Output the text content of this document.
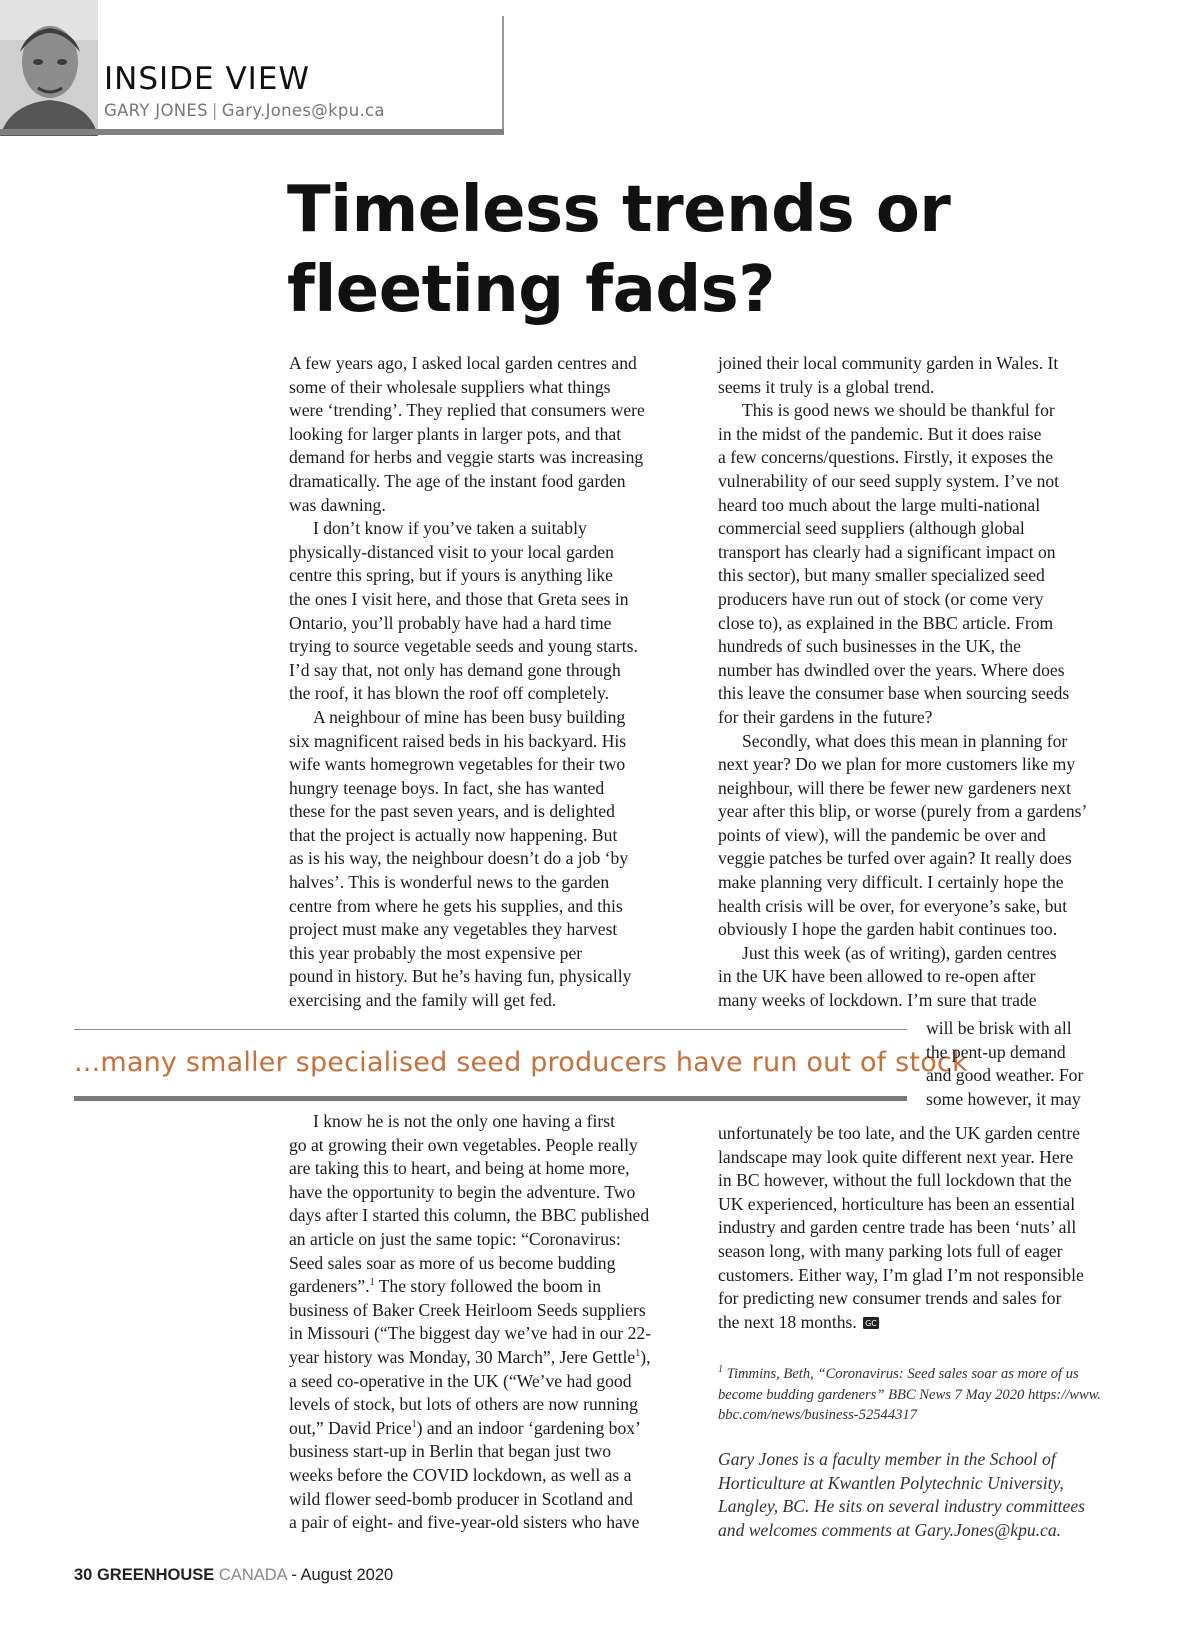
INSIDE VIEW
GARY JONES | Gary.Jones@kpu.ca
Timeless trends or
fleeting fads?
A few years ago, I asked local garden centres and
some of their wholesale suppliers what things
were ‘trending’. They replied that consumers were
looking for larger plants in larger pots, and that
demand for herbs and veggie starts was increasing
dramatically. The age of the instant food garden
was dawning.
I don’t know if you’ve taken a suitably
physically-distanced visit to your local garden
centre this spring, but if yours is anything like
the ones I visit here, and those that Greta sees in
Ontario, you’ll probably have had a hard time
trying to source vegetable seeds and young starts.
I’d say that, not only has demand gone through
the roof, it has blown the roof off completely.
A neighbour of mine has been busy building
six magnificent raised beds in his backyard. His
wife wants homegrown vegetables for their two
hungry teenage boys. In fact, she has wanted
these for the past seven years, and is delighted
that the project is actually now happening. But
as is his way, the neighbour doesn’t do a job ‘by
halves’. This is wonderful news to the garden
centre from where he gets his supplies, and this
project must make any vegetables they harvest
this year probably the most expensive per
pound in history. But he’s having fun, physically
exercising and the family will get fed.
...many smaller specialised seed producers have run out of stock
I know he is not the only one having a first
go at growing their own vegetables. People really
are taking this to heart, and being at home more,
have the opportunity to begin the adventure. Two
days after I started this column, the BBC published
an article on just the same topic: “Coronavirus:
Seed sales soar as more of us become budding
gardeners”.$^1$ The story followed the boom in
business of Baker Creek Heirloom Seeds suppliers
in Missouri (“The biggest day we’ve had in our 22-
year history was Monday, 30 March”, Jere Gettle$^1$),
a seed co-operative in the UK (“We’ve had good
levels of stock, but lots of others are now running
out,” David Price$^1$) and an indoor ‘gardening box’
business start-up in Berlin that began just two
weeks before the COVID lockdown, as well as a
wild flower seed-bomb producer in Scotland and
a pair of eight- and five-year-old sisters who have
joined their local community garden in Wales. It
seems it truly is a global trend.
This is good news we should be thankful for
in the midst of the pandemic. But it does raise
a few concerns/questions. Firstly, it exposes the
vulnerability of our seed supply system. I’ve not
heard too much about the large multi-national
commercial seed suppliers (although global
transport has clearly had a significant impact on
this sector), but many smaller specialized seed
producers have run out of stock (or come very
close to), as explained in the BBC article. From
hundreds of such businesses in the UK, the
number has dwindled over the years. Where does
this leave the consumer base when sourcing seeds
for their gardens in the future?
Secondly, what does this mean in planning for
next year? Do we plan for more customers like my
neighbour, will there be fewer new gardeners next
year after this blip, or worse (purely from a gardens’
points of view), will the pandemic be over and
veggie patches be turfed over again? It really does
make planning very difficult. I certainly hope the
health crisis will be over, for everyone’s sake, but
obviously I hope the garden habit continues too.
Just this week (as of writing), garden centres
in the UK have been allowed to re-open after
many weeks of lockdown. I’m sure that trade
will be brisk with all
the pent-up demand
and good weather. For
some however, it may
unfortunately be too late, and the UK garden centre
landscape may look quite different next year. Here
in BC however, without the full lockdown that the
UK experienced, horticulture has been an essential
industry and garden centre trade has been ‘nuts’ all
season long, with many parking lots full of eager
customers. Either way, I’m glad I’m not responsible
for predicting new consumer trends and sales for
the next 18 months. GC
$^1$ Timmins, Beth, “Coronavirus: Seed sales soar as more of us
become budding gardeners” BBC News 7 May 2020 https://www.
bbc.com/news/business-52544317
Gary Jones is a faculty member in the School of
Horticulture at Kwantlen Polytechnic University,
Langley, BC. He sits on several industry committees
and welcomes comments at Gary.Jones@kpu.ca.
30 GREENHOUSE CANADA - August 2020
